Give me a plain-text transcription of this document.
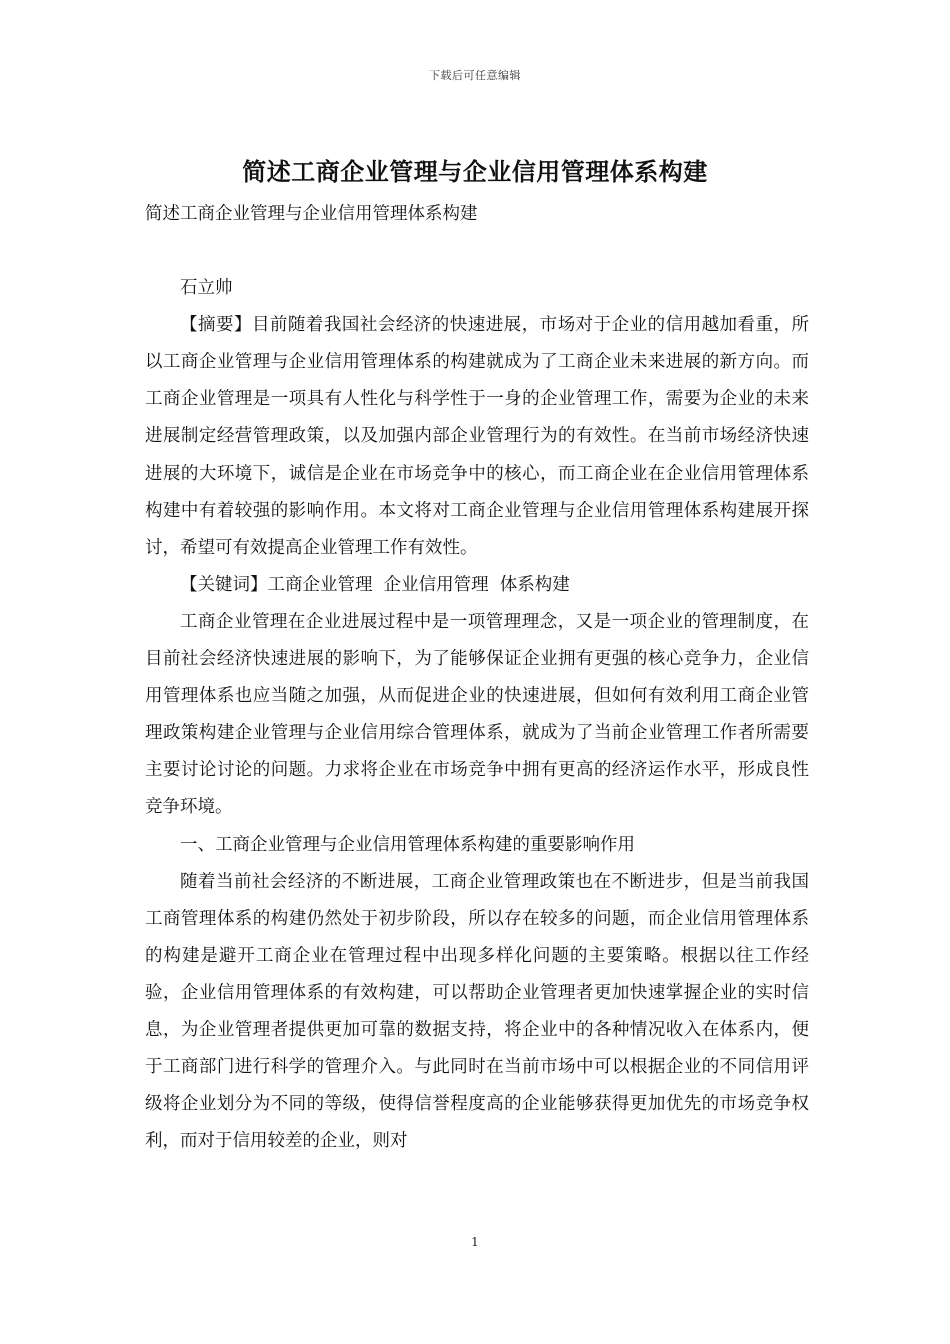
下载后可任意编辑
简述工商企业管理与企业信用管理体系构建

简述工商企业管理与企业信用管理体系构建

石立帅

【摘要】目前随着我国社会经济的快速进展，市场对于企业的信用越加看重，所以工商企业管理与企业信用管理体系的构建就成为了工商企业未来进展的新方向。而工商企业管理是一项具有人性化与科学性于一身的企业管理工作，需要为企业的未来进展制定经营管理政策，以及加强内部企业管理行为的有效性。在当前市场经济快速进展的大环境下，诚信是企业在市场竞争中的核心，而工商企业在企业信用管理体系构建中有着较强的影响作用。本文将对工商企业管理与企业信用管理体系构建展开探讨，希望可有效提高企业管理工作有效性。

【关键词】工商企业管理  企业信用管理  体系构建

工商企业管理在企业进展过程中是一项管理理念，又是一项企业的管理制度，在目前社会经济快速进展的影响下，为了能够保证企业拥有更强的核心竞争力，企业信用管理体系也应当随之加强，从而促进企业的快速进展，但如何有效利用工商企业管理政策构建企业管理与企业信用综合管理体系，就成为了当前企业管理工作者所需要主要讨论讨论的问题。力求将企业在市场竞争中拥有更高的经济运作水平，形成良性竞争环境。

一、工商企业管理与企业信用管理体系构建的重要影响作用

随着当前社会经济的不断进展，工商企业管理政策也在不断进步，但是当前我国工商管理体系的构建仍然处于初步阶段，所以存在较多的问题，而企业信用管理体系的构建是避开工商企业在管理过程中出现多样化问题的主要策略。根据以往工作经验，企业信用管理体系的有效构建，可以帮助企业管理者更加快速掌握企业的实时信息，为企业管理者提供更加可靠的数据支持，将企业中的各种情况收入在体系内，便于工商部门进行科学的管理介入。与此同时在当前市场中可以根据企业的不同信用评级将企业划分为不同的等级，使得信誉程度高的企业能够获得更加优先的市场竞争权利，而对于信用较差的企业，则对

1
